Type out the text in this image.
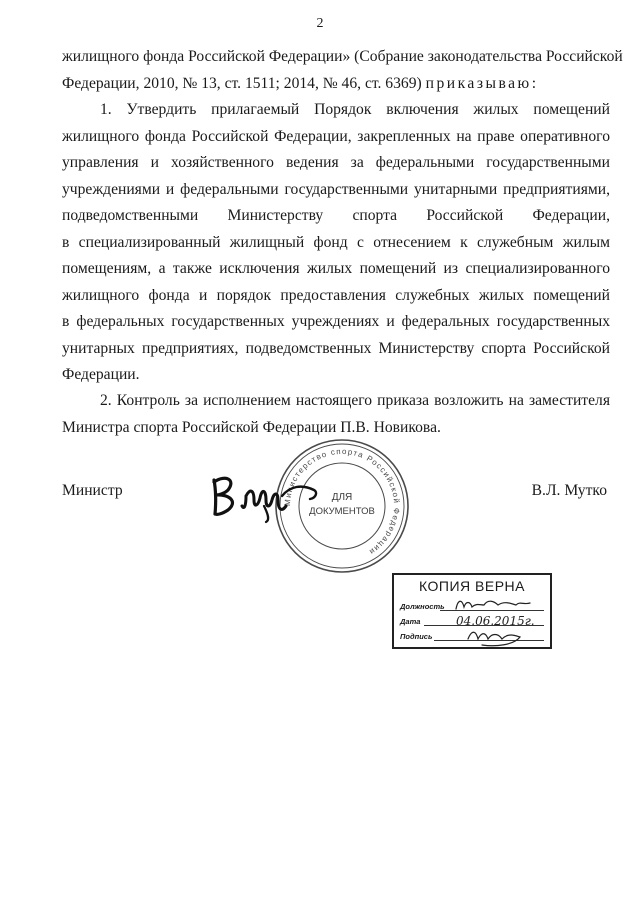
2
жилищного фонда Российской Федерации» (Собрание законодательства Российской
Федерации, 2010, № 13, ст. 1511; 2014, № 46, ст. 6369) приказываю:
1. Утвердить прилагаемый Порядок включения жилых помещений
жилищного фонда Российской Федерации, закрепленных на праве оперативного
управления и хозяйственного ведения за федеральными государственными
учреждениями и федеральными государственными унитарными предприятиями,
подведомственными Министерству спорта Российской Федерации,
в специализированный жилищный фонд с отнесением к служебным жилым
помещениям, а также исключения жилых помещений из специализированного
жилищного фонда и порядок предоставления служебных жилых помещений
в федеральных государственных учреждениях и федеральных государственных
унитарных предприятиях, подведомственных Министерству спорта Российской
Федерации.
2. Контроль за исполнением настоящего приказа возложить на заместителя
Министра спорта Российской Федерации П.В. Новикова.
Министр	В.Л. Мутко
Министерство спорта Российской Федерации
ДЛЯ
ДОКУМЕНТОВ
КОПИЯ ВЕРНА
Должность
Дата
Подпись
04.06.2015г.
